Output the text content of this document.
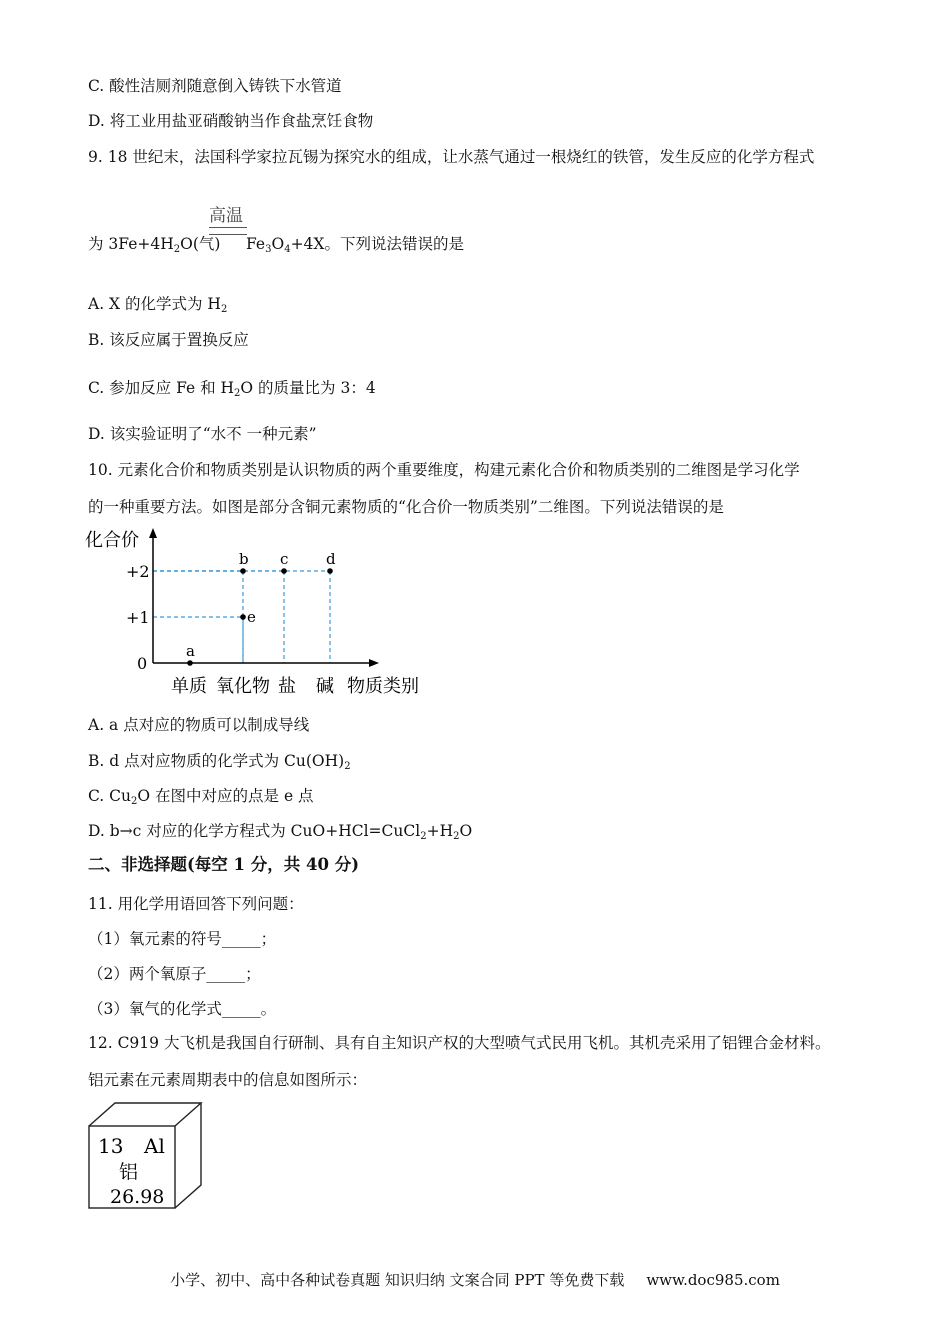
C. 酸性洁厕剂随意倒入铸铁下水管道
D. 将工业用盐亚硝酸钠当作食盐烹饪食物
9. 18 世纪末，法国科学家拉瓦锡为探究水的组成，让水蒸气通过一根烧红的铁管，发生反应的化学方程式
高温
为 $3Fe+4H_2O$(气) $Fe_3O_4+4X$。下列说法错误的是
A. X 的化学式为 $H_2$
B. 该反应属于置换反应
C. 参加反应 Fe 和 $H_2O$ 的质量比为 3：4
D. 该实验证明了“水不 一种元素”
10. 元素化合价和物质类别是认识物质的两个重要维度，构建元素化合价和物质类别的二维图是学习化学
的一种重要方法。如图是部分含铜元素物质的“化合价一物质类别”二维图。下列说法错误的是
化合价
物质类别
+2
+1
0
单质 氧化物 盐 碱
a
b c	d
e
A. a 点对应的物质可以制成导线
B. d 点对应物质的化学式为 $Cu(OH)_2$
C. $Cu_2O$ 在图中对应的点是 e 点
D. b→c 对应的化学方程式为 $CuO+HCl=CuCl_2+H_2O$
二、非选择题(每空 1 分，共 40 分)
11. 用化学用语回答下列问题：
（1）氧元素的符号_____；
（2）两个氧原子_____；
（3）氧气的化学式_____。
12. C919 大飞机是我国自行研制、具有自主知识产权的大型喷气式民用飞机。其机壳采用了铝锂合金材料。
铝元素在元素周期表中的信息如图所示：
13 Al
铝
26.98
小学、初中、高中各种试卷真题 知识归纳 文案合同 PPT 等免费下载 www.doc985.com
